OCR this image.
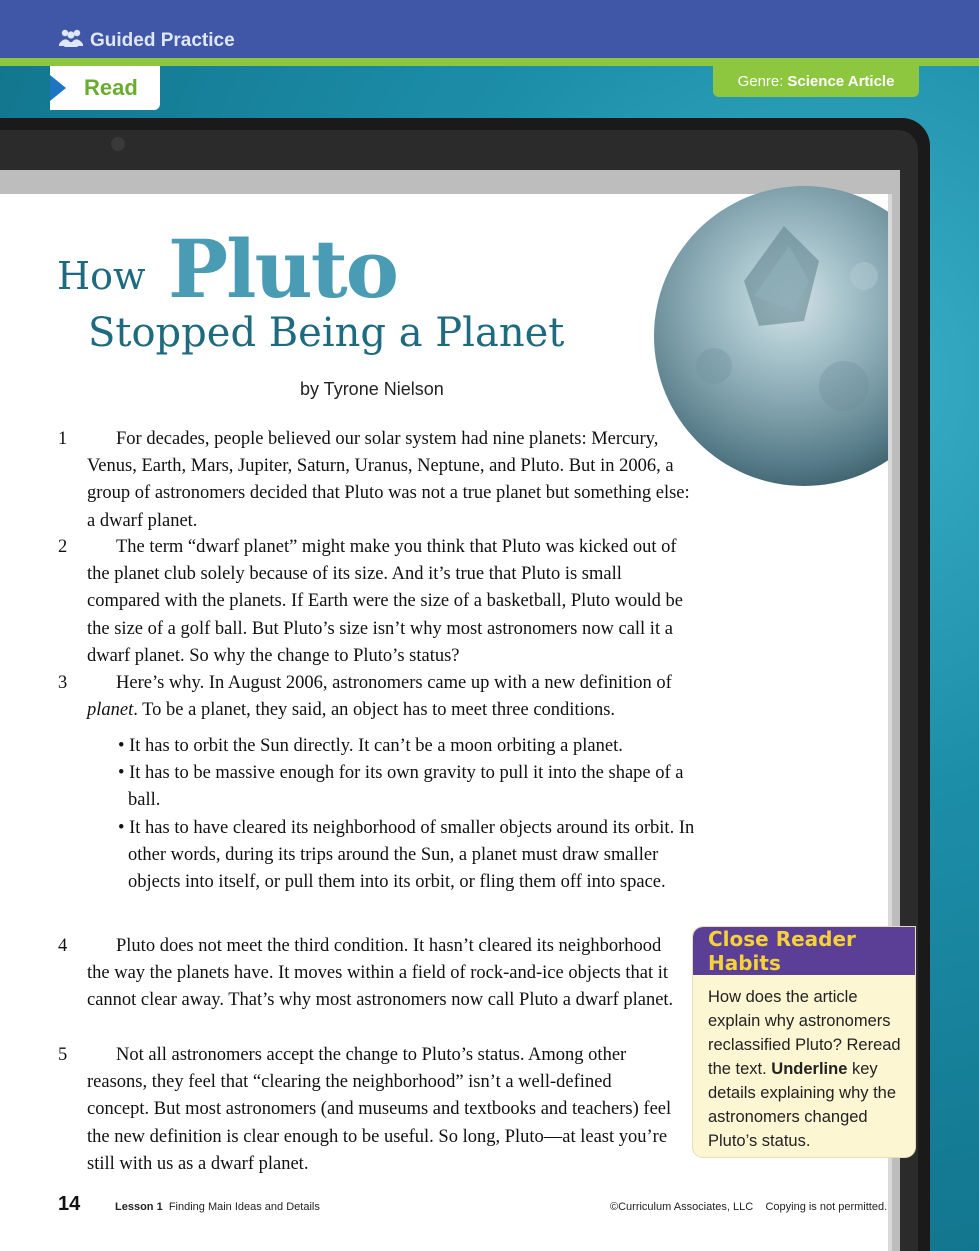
Guided Practice
Read	Genre: Science Article
How Pluto
Stopped Being a Planet
by Tyrone Nielson
1	For decades, people believed our solar system had nine planets: Mercury, Venus, Earth, Mars, Jupiter, Saturn, Uranus, Neptune, and Pluto. But in 2006, a group of astronomers decided that Pluto was not a true planet but something else: a dwarf planet.
2	The term “dwarf planet” might make you think that Pluto was kicked out of the planet club solely because of its size. And it’s true that Pluto is small compared with the planets. If Earth were the size of a basketball, Pluto would be the size of a golf ball. But Pluto’s size isn’t why most astronomers now call it a dwarf planet. So why the change to Pluto’s status?
3	Here’s why. In August 2006, astronomers came up with a new definition of planet. To be a planet, they said, an object has to meet three conditions.
• It has to orbit the Sun directly. It can’t be a moon orbiting a planet.
• It has to be massive enough for its own gravity to pull it into the shape of a ball.
• It has to have cleared its neighborhood of smaller objects around its orbit. In other words, during its trips around the Sun, a planet must draw smaller objects into itself, or pull them into its orbit, or fling them off into space.
4	Pluto does not meet the third condition. It hasn’t cleared its neighborhood the way the planets have. It moves within a field of rock-and-ice objects that it cannot clear away. That’s why most astronomers now call Pluto a dwarf planet.
5	Not all astronomers accept the change to Pluto’s status. Among other reasons, they feel that “clearing the neighborhood” isn’t a well-defined concept. But most astronomers (and museums and textbooks and teachers) feel the new definition is clear enough to be useful. So long, Pluto—at least you’re still with us as a dwarf planet.
Close Reader Habits
How does the article explain why astronomers reclassified Pluto? Reread the text. Underline key details explaining why the astronomers changed Pluto’s status.
14	Lesson 1 Finding Main Ideas and Details	©Curriculum Associates, LLC Copying is not permitted.
